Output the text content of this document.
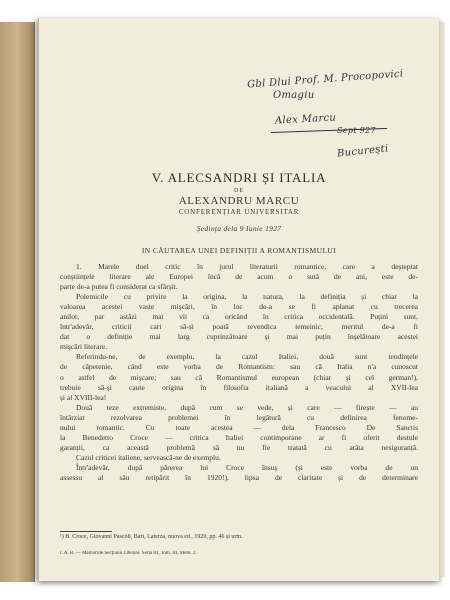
Gbl Dlui Prof. M. Procopovici
Omagiu
Alex Marcu
Sept 927
București
V. ALECSANDRI ȘI ITALIA
DE
ALEXANDRU MARCU
CONFERENȚIAR UNIVERSITAR
Ședința dela 9 Iunie 1927
IN CĂUTAREA UNEI DEFINIȚII A ROMANTISMULUI
1. Marele duel critic în jurul literaturii romantice, care a deșteptat
conștiințele literare ale Europei încă de acum o sută de ani, este de-
parte de-a putea fi considerat ca sfârșit.
Polemicile cu privire la origina, la natura, la definiția și chiar la
valoarea acestei vaste mișcări, în loc de-a se fi aplanat cu trecerea
anilor, par astăzi mai vii ca oricând în critica occidentală. Puțini sunt,
într'adevăr, criticii cari să-și poată revendica temeinic, meritul de-a fi
dat o definiție mai larg cuprinzătoare și mai puțin înșelătoare acestei
mișcări literare.
Referindu-ne, de exemplu, la cazul Italiei, două sunt tendințele
de căpetenie, când este vorba de Romantism: sau că Italia n'a cunoscut
o astfel de mișcare; sau că Romantismul european (chiar și cel german!),
trebuie să-și caute origina în filosofia italiană a veacului al XVII-lea
și al XVIII-lea!
Două teze extremiste, după cum se vede, și care — firește — au
întârziat rezolvarea problemei în legătură cu definirea fenome-
nului romantic. Cu toate acestea — dela Francesco De Sanctis
la Benedetto Croce — critica Italiei contimporane ar fi oferit destule
garanții, ca această problemă să nu fie tratată cu atâta nesiguranță.
Cazul criticei italiene, servească-ne de exemplu.
Într'adevăr, după părerea lui Croce însuș (și este vorba de un
assessu al său retipărit în 1920!), lipsa de claritate și de determinare
¹) B. Croce, Giovanni Pascoli, Bari, Laterza, nuova ed., 1920, pp. 46 și urm.
I. A. R. — Memoriile Secțiunii Literare. Seria III, Tom. III, Mem. 2.
